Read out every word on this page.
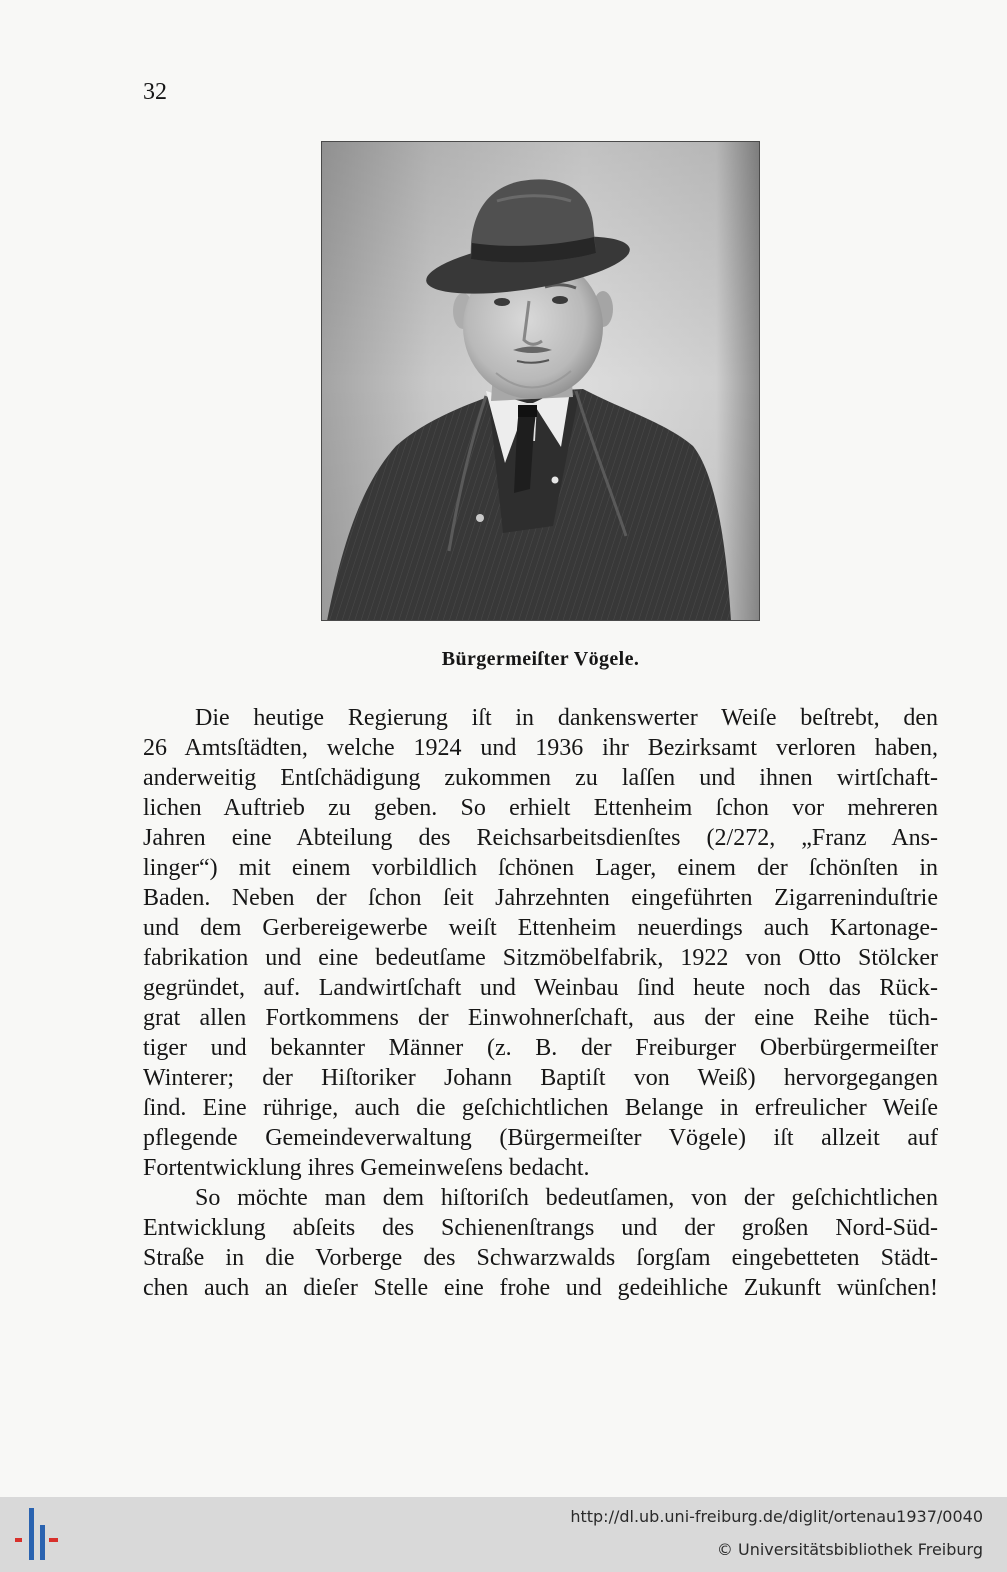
32
Bürgermeiſter Vögele.
Die heutige Regierung iſt in dankenswerter Weiſe beſtrebt, den
26 Amtsſtädten, welche 1924 und 1936 ihr Bezirksamt verloren haben,
anderweitig Entſchädigung zukommen zu laſſen und ihnen wirtſchaft-
lichen Auftrieb zu geben. So erhielt Ettenheim ſchon vor mehreren
Jahren eine Abteilung des Reichsarbeitsdienſtes (2/272, „Franz Ans-
linger“) mit einem vorbildlich ſchönen Lager, einem der ſchönſten in
Baden. Neben der ſchon ſeit Jahrzehnten eingeführten Zigarreninduſtrie
und dem Gerbereigewerbe weiſt Ettenheim neuerdings auch Kartonage-
fabrikation und eine bedeutſame Sitzmöbelfabrik, 1922 von Otto Stölcker
gegründet, auf. Landwirtſchaft und Weinbau ſind heute noch das Rück-
grat allen Fortkommens der Einwohnerſchaft, aus der eine Reihe tüch-
tiger und bekannter Männer (z. B. der Freiburger Oberbürgermeiſter
Winterer; der Hiſtoriker Johann Baptiſt von Weiß) hervorgegangen
ſind. Eine rührige, auch die geſchichtlichen Belange in erfreulicher Weiſe
pflegende Gemeindeverwaltung (Bürgermeiſter Vögele) iſt allzeit auf
Fortentwicklung ihres Gemeinweſens bedacht.
So möchte man dem hiſtoriſch bedeutſamen, von der geſchichtlichen
Entwicklung abſeits des Schienenſtrangs und der großen Nord-Süd-
Straße in die Vorberge des Schwarzwalds ſorgſam eingebetteten Städt-
chen auch an dieſer Stelle eine frohe und gedeihliche Zukunft wünſchen!
http://dl.ub.uni-freiburg.de/diglit/ortenau1937/0040
© Universitätsbibliothek Freiburg
